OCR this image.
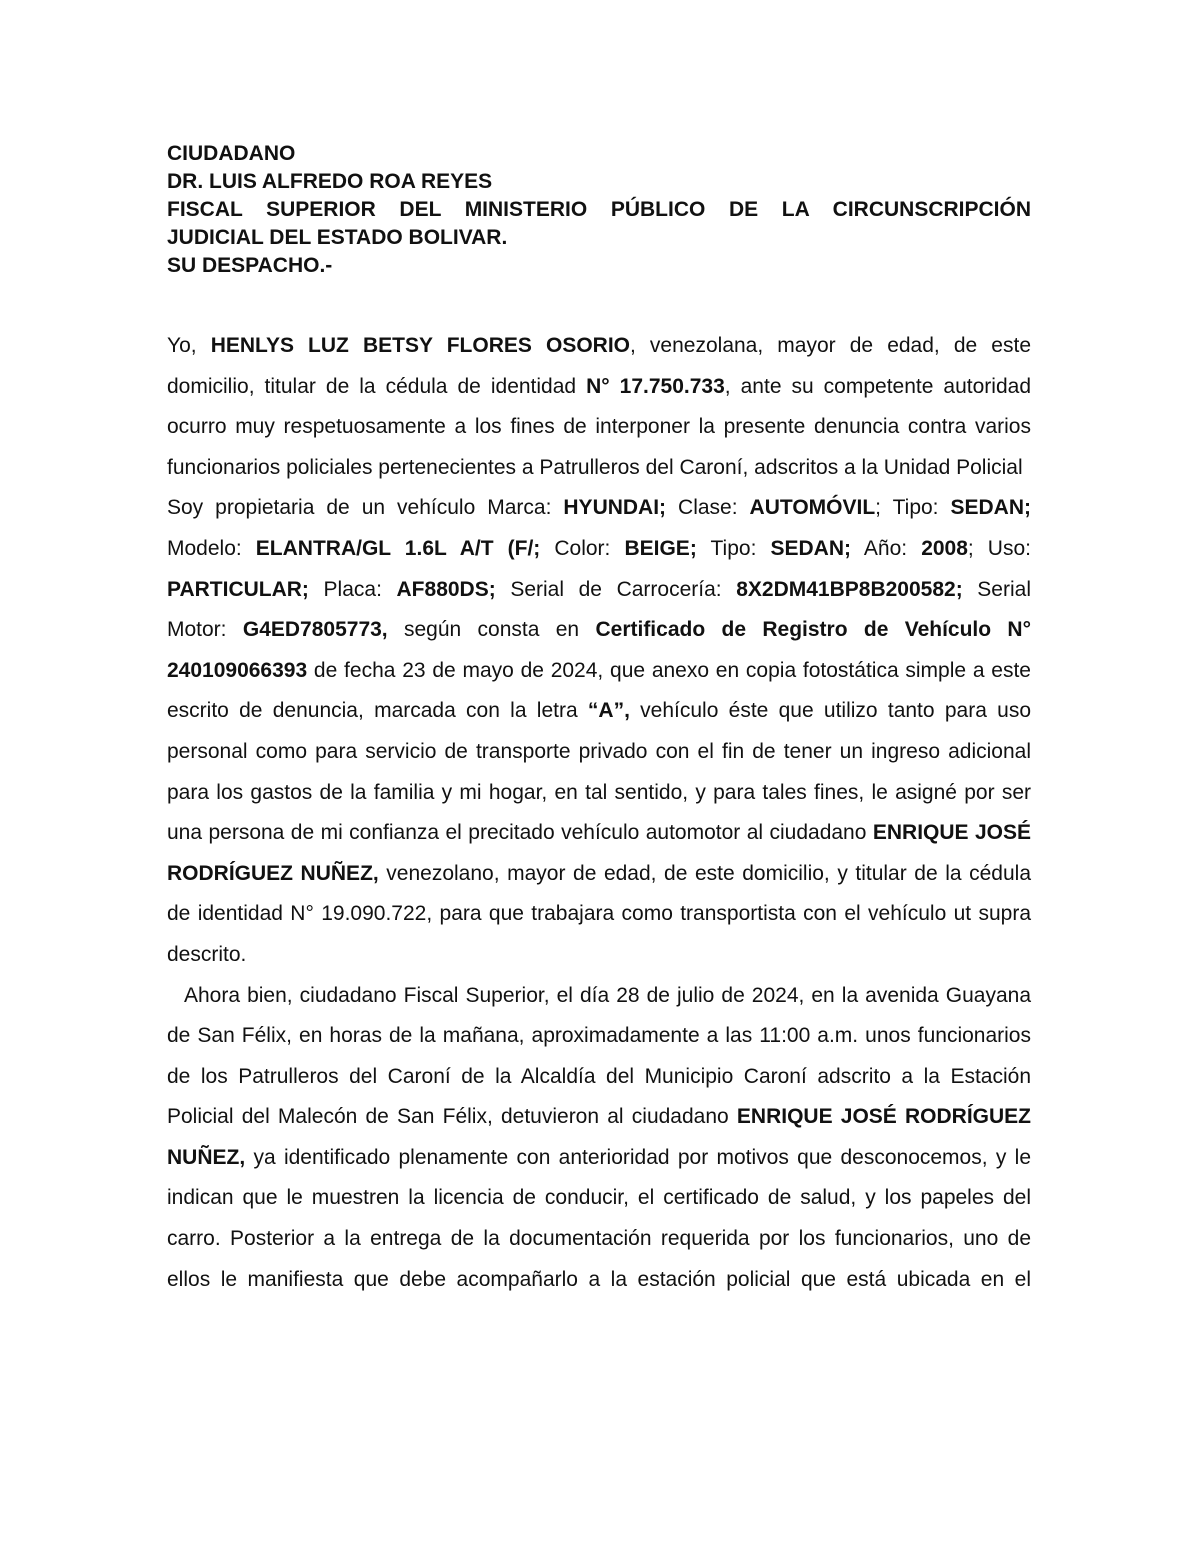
CIUDADANO
DR. LUIS ALFREDO ROA REYES
FISCAL SUPERIOR DEL MINISTERIO PÚBLICO DE LA CIRCUNSCRIPCIÓN
JUDICIAL DEL ESTADO BOLIVAR.
SU DESPACHO.-

Yo, HENLYS LUZ BETSY FLORES OSORIO, venezolana, mayor de edad, de este domicilio, titular de la cédula de identidad N° 17.750.733, ante su competente autoridad ocurro muy respetuosamente a los fines de interponer la presente denuncia contra varios funcionarios policiales pertenecientes a Patrulleros del Caroní, adscritos a la Unidad Policial

Soy propietaria de un vehículo Marca: HYUNDAI; Clase: AUTOMÓVIL; Tipo: SEDAN; Modelo: ELANTRA/GL 1.6L A/T (F/; Color: BEIGE; Tipo: SEDAN; Año: 2008; Uso: PARTICULAR; Placa: AF880DS; Serial de Carrocería: 8X2DM41BP8B200582; Serial Motor: G4ED7805773, según consta en Certificado de Registro de Vehículo N° 240109066393 de fecha 23 de mayo de 2024, que anexo en copia fotostática simple a este escrito de denuncia, marcada con la letra “A”, vehículo éste que utilizo tanto para uso personal como para servicio de transporte privado con el fin de tener un ingreso adicional para los gastos de la familia y mi hogar, en tal sentido, y para tales fines, le asigné por ser una persona de mi confianza el precitado vehículo automotor al ciudadano ENRIQUE JOSÉ RODRÍGUEZ NUÑEZ, venezolano, mayor de edad, de este domicilio, y titular de la cédula de identidad N° 19.090.722, para que trabajara como transportista con el vehículo ut supra descrito.

Ahora bien, ciudadano Fiscal Superior, el día 28 de julio de 2024, en la avenida Guayana de San Félix, en horas de la mañana, aproximadamente a las 11:00 a.m. unos funcionarios de los Patrulleros del Caroní de la Alcaldía del Municipio Caroní adscrito a la Estación Policial del Malecón de San Félix, detuvieron al ciudadano ENRIQUE JOSÉ RODRÍGUEZ NUÑEZ, ya identificado plenamente con anterioridad por motivos que desconocemos, y le indican que le muestren la licencia de conducir, el certificado de salud, y los papeles del carro. Posterior a la entrega de la documentación requerida por los funcionarios, uno de ellos le manifiesta que debe acompañarlo a la estación policial que está ubicada en el
